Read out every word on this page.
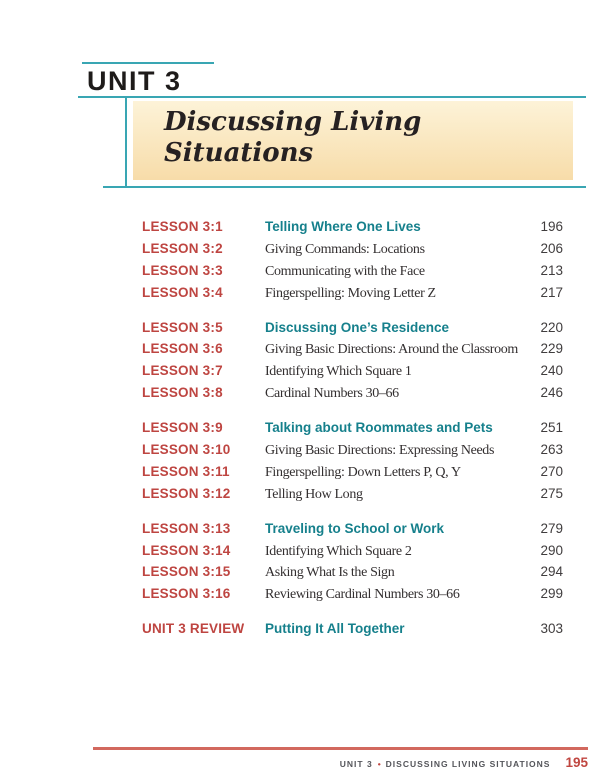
UNIT 3
Discussing Living
Situations
LESSON 3:1	Telling Where One Lives	196
LESSON 3:2	Giving Commands: Locations	206
LESSON 3:3	Communicating with the Face	213
LESSON 3:4	Fingerspelling: Moving Letter Z	217
LESSON 3:5	Discussing One’s Residence	220
LESSON 3:6	Giving Basic Directions: Around the Classroom	229
LESSON 3:7	Identifying Which Square 1	240
LESSON 3:8	Cardinal Numbers 30–66	246
LESSON 3:9	Talking about Roommates and Pets	251
LESSON 3:10	Giving Basic Directions: Expressing Needs	263
LESSON 3:11	Fingerspelling: Down Letters P, Q, Y	270
LESSON 3:12	Telling How Long	275
LESSON 3:13	Traveling to School or Work	279
LESSON 3:14	Identifying Which Square 2	290
LESSON 3:15	Asking What Is the Sign	294
LESSON 3:16	Reviewing Cardinal Numbers 30–66	299
UNIT 3 REVIEW	Putting It All Together	303
UNIT 3 • DISCUSSING LIVING SITUATIONS 195
